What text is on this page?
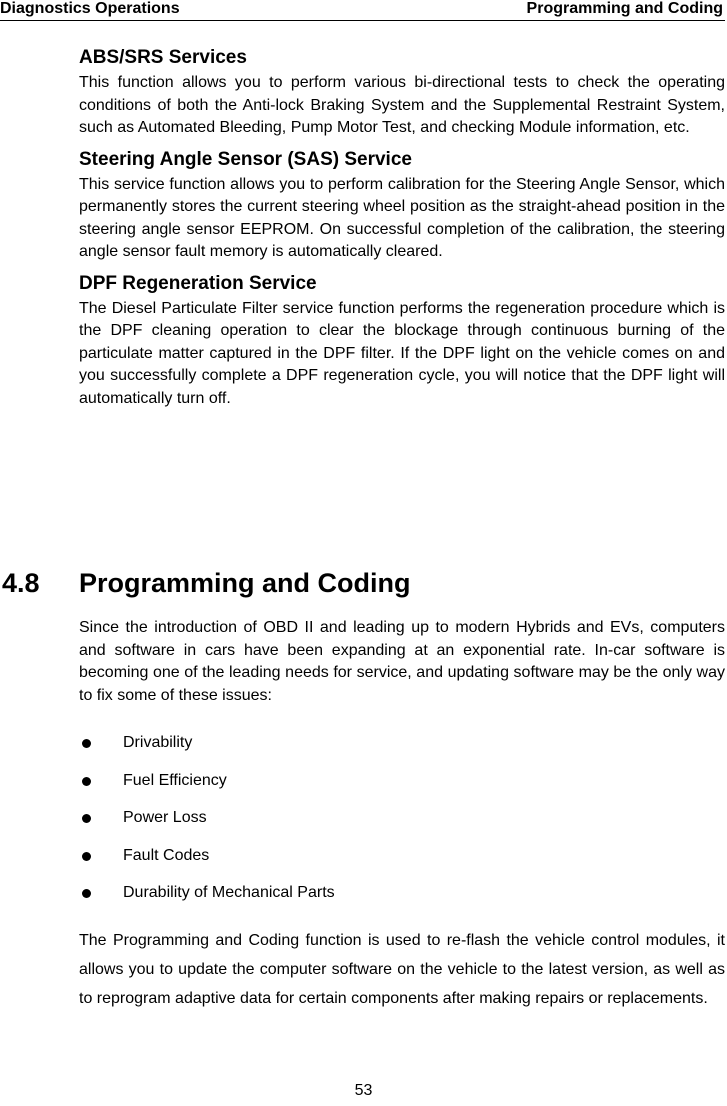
Diagnostics Operations	Programming and Coding
ABS/SRS Services

This function allows you to perform various bi-directional tests to check the operating conditions of both the Anti-lock Braking System and the Supplemental Restraint System, such as Automated Bleeding, Pump Motor Test, and checking Module information, etc.

Steering Angle Sensor (SAS) Service

This service function allows you to perform calibration for the Steering Angle Sensor, which permanently stores the current steering wheel position as the straight-ahead position in the steering angle sensor EEPROM. On successful completion of the calibration, the steering angle sensor fault memory is automatically cleared.

DPF Regeneration Service

The Diesel Particulate Filter service function performs the regeneration procedure which is the DPF cleaning operation to clear the blockage through continuous burning of the particulate matter captured in the DPF filter. If the DPF light on the vehicle comes on and you successfully complete a DPF regeneration cycle, you will notice that the DPF light will automatically turn off.

4.8 Programming and Coding

Since the introduction of OBD II and leading up to modern Hybrids and EVs, computers and software in cars have been expanding at an exponential rate. In-car software is becoming one of the leading needs for service, and updating software may be the only way to fix some of these issues:

Drivability
Fuel Efficiency
Power Loss
Fault Codes
Durability of Mechanical Parts

The Programming and Coding function is used to re-flash the vehicle control modules, it allows you to update the computer software on the vehicle to the latest version, as well as to reprogram adaptive data for certain components after making repairs or replacements.

53
